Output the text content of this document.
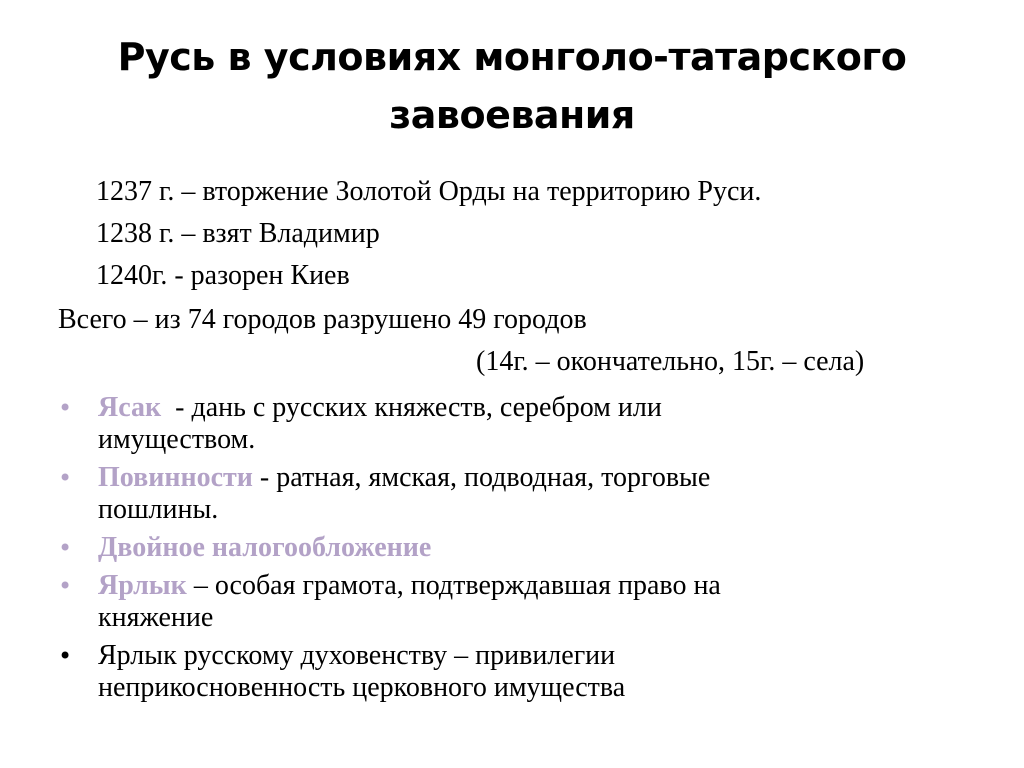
Русь в условиях монголо-татарского
завоевания
1237 г. – вторжение Золотой Орды на территорию Руси.
1238 г. – взят Владимир
1240г. - разорен Киев
Всего – из 74 городов разрушено 49 городов
(14г. – окончательно, 15г. – села)
• Ясак  - дань с русских княжеств, серебром или
имуществом.
• Повинности - ратная, ямская, подводная, торговые
пошлины.
• Двойное налогообложение
• Ярлык – особая грамота, подтверждавшая право на
княжение
• Ярлык русскому духовенству – привилегии
неприкосновенность церковного имущества
